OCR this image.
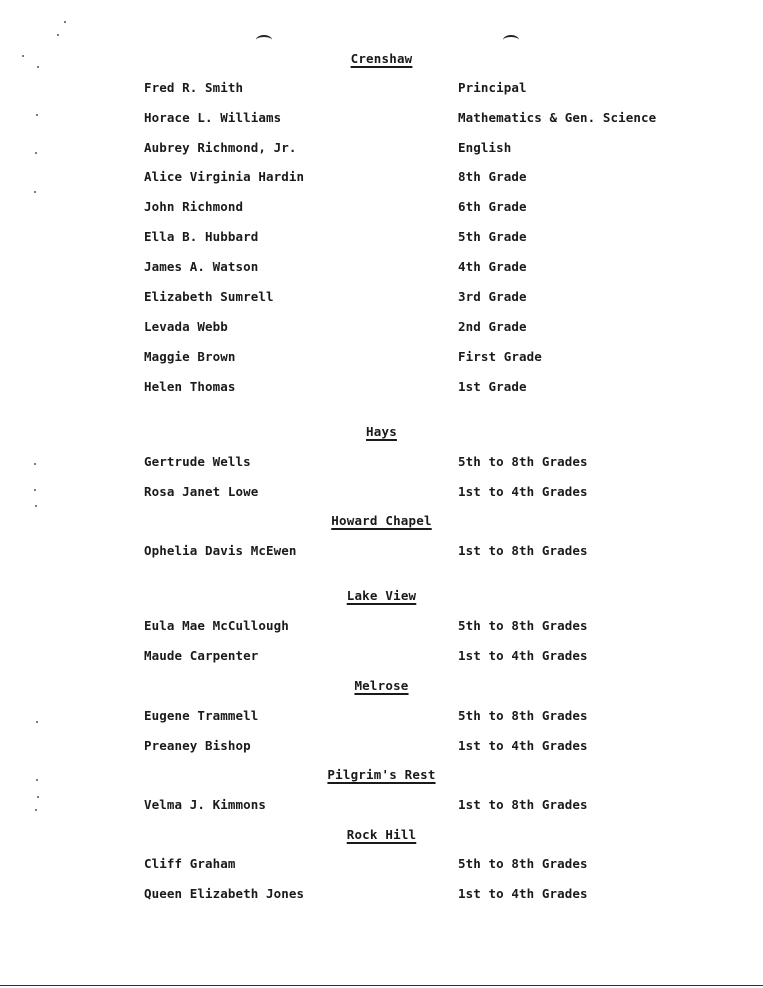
Crenshaw
Fred R. Smith	Principal
Horace L. Williams	Mathematics & Gen. Science
Aubrey Richmond, Jr.	English
Alice Virginia Hardin	8th Grade
John Richmond	6th Grade
Ella B. Hubbard	5th Grade
James A. Watson	4th Grade
Elizabeth Sumrell	3rd Grade
Levada Webb	2nd Grade
Maggie Brown	First Grade
Helen Thomas	1st Grade
Hays
Gertrude Wells	5th to 8th Grades
Rosa Janet Lowe	1st to 4th Grades
Howard Chapel
Ophelia Davis McEwen	1st to 8th Grades
Lake View
Eula Mae McCullough	5th to 8th Grades
Maude Carpenter	1st to 4th Grades
Melrose
Eugene Trammell	5th to 8th Grades
Preaney Bishop	1st to 4th Grades
Pilgrim's Rest
Velma J. Kimmons	1st to 8th Grades
Rock Hill
Cliff Graham	5th to 8th Grades
Queen Elizabeth Jones	1st to 4th Grades
